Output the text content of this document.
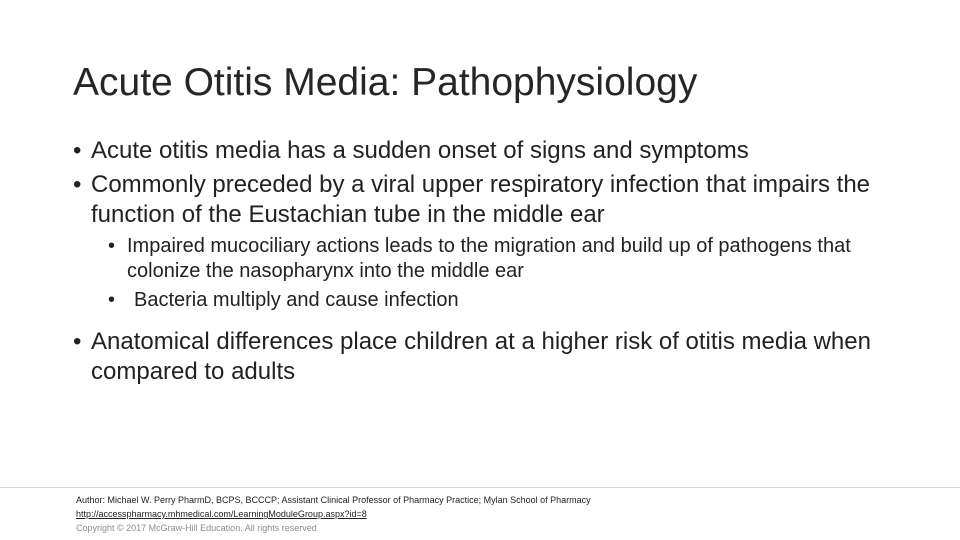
Acute Otitis Media: Pathophysiology
• Acute otitis media has a sudden onset of signs and symptoms
• Commonly preceded by a viral upper respiratory infection that impairs the function of the Eustachian tube in the middle ear
• Impaired mucociliary actions leads to the migration and build up of pathogens that colonize the nasopharynx into the middle ear
• Bacteria multiply and cause infection
• Anatomical differences place children at a higher risk of otitis media when compared to adults
Author: Michael W. Perry PharmD, BCPS, BCCCP; Assistant Clinical Professor of Pharmacy Practice; Mylan School of Pharmacy
http://accesspharmacy.mhmedical.com/LearningModuleGroup.aspx?id=8
Copyright © 2017 McGraw-Hill Education. All rights reserved
